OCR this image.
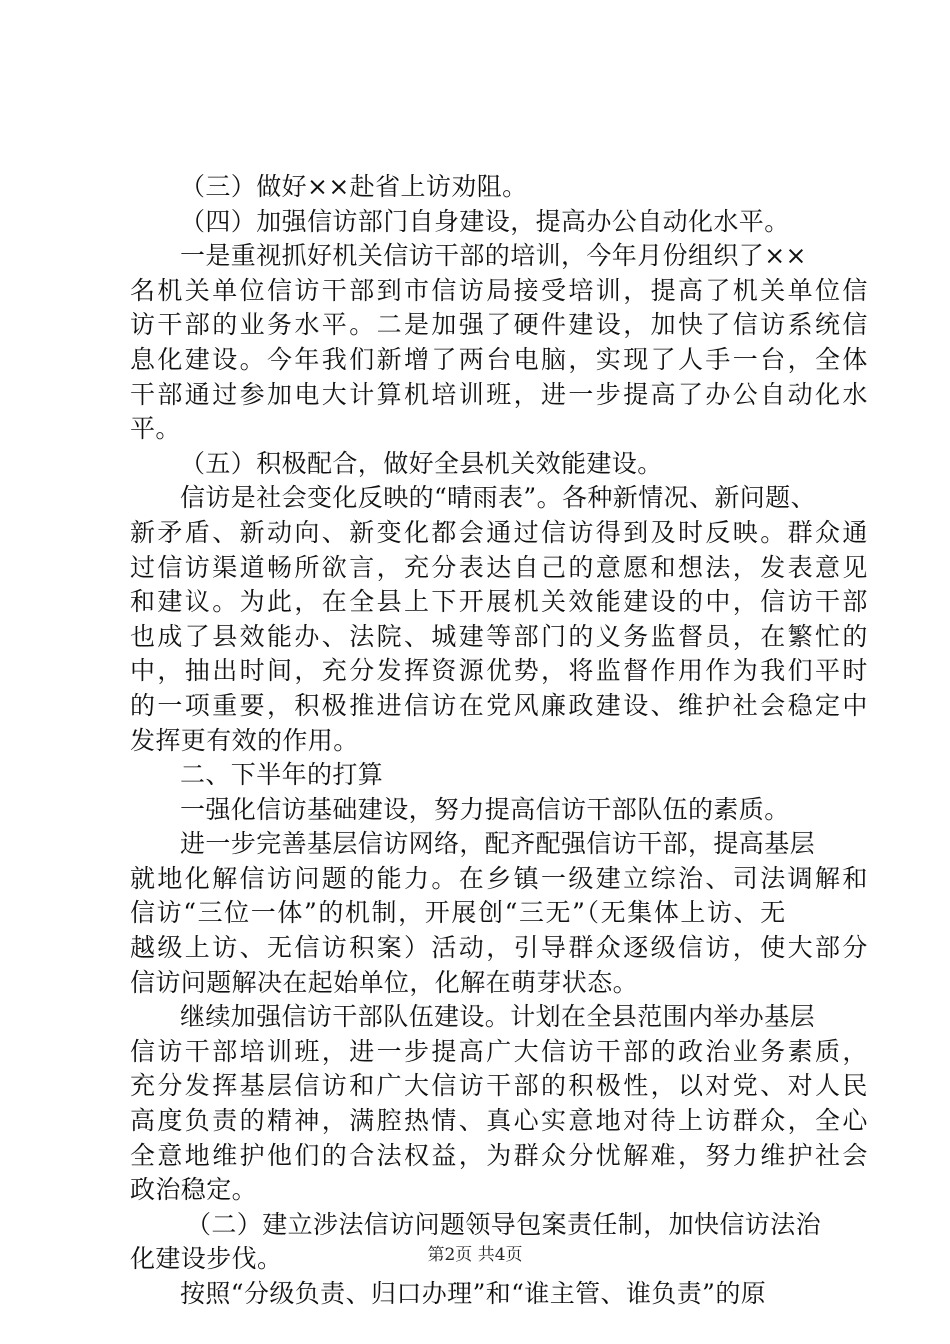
（三）做好××赴省上访劝阻。
（四）加强信访部门自身建设，提高办公自动化水平。
一是重视抓好机关信访干部的培训，今年月份组织了××
名机关单位信访干部到市信访局接受培训，提高了机关单位信
访干部的业务水平。二是加强了硬件建设，加快了信访系统信
息化建设。今年我们新增了两台电脑，实现了人手一台，全体
干部通过参加电大计算机培训班，进一步提高了办公自动化水
平。
（五）积极配合，做好全县机关效能建设。
信访是社会变化反映的“晴雨表”。各种新情况、新问题、
新矛盾、新动向、新变化都会通过信访得到及时反映。群众通
过信访渠道畅所欲言，充分表达自己的意愿和想法，发表意见
和建议。为此，在全县上下开展机关效能建设的中，信访干部
也成了县效能办、法院、城建等部门的义务监督员，在繁忙的
中，抽出时间，充分发挥资源优势，将监督作用作为我们平时
的一项重要，积极推进信访在党风廉政建设、维护社会稳定中
发挥更有效的作用。
二、下半年的打算
一强化信访基础建设，努力提高信访干部队伍的素质。
进一步完善基层信访网络，配齐配强信访干部，提高基层
就地化解信访问题的能力。在乡镇一级建立综治、司法调解和
信访“三位一体”的机制，开展创“三无”（无集体上访、无
越级上访、无信访积案）活动，引导群众逐级信访，使大部分
信访问题解决在起始单位，化解在萌芽状态。
继续加强信访干部队伍建设。计划在全县范围内举办基层
信访干部培训班，进一步提高广大信访干部的政治业务素质，
充分发挥基层信访和广大信访干部的积极性，以对党、对人民
高度负责的精神，满腔热情、真心实意地对待上访群众，全心
全意地维护他们的合法权益，为群众分忧解难，努力维护社会
政治稳定。
（二）建立涉法信访问题领导包案责任制，加快信访法治
化建设步伐。
按照“分级负责、归口办理”和“谁主管、谁负责”的原
第2页 共4页
